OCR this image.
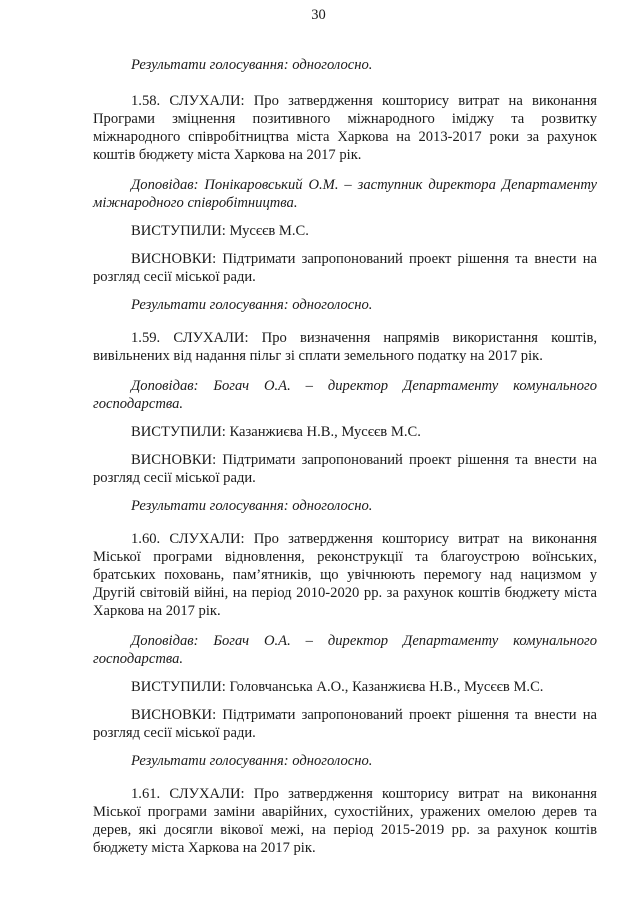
30

Результати голосування: одноголосно.

1.58. СЛУХАЛИ: Про затвердження кошторису витрат на виконання Програми зміцнення позитивного міжнародного іміджу та розвитку міжнародного співробітництва міста Харкова на 2013-2017 роки за рахунок коштів бюджету міста Харкова на 2017 рік.

Доповідав: Понікаровський О.М. – заступник директора Департаменту міжнародного співробітництва.

ВИСТУПИЛИ: Мусєєв М.С.

ВИСНОВКИ: Підтримати запропонований проект рішення та внести на розгляд сесії міської ради.

Результати голосування: одноголосно.

1.59. СЛУХАЛИ: Про визначення напрямів використання коштів, вивільнених від надання пільг зі сплати земельного податку на 2017 рік.

Доповідав: Богач О.А. – директор Департаменту комунального господарства.

ВИСТУПИЛИ: Казанжиєва Н.В., Мусєєв М.С.

ВИСНОВКИ: Підтримати запропонований проект рішення та внести на розгляд сесії міської ради.

Результати голосування: одноголосно.

1.60. СЛУХАЛИ: Про затвердження кошторису витрат на виконання Міської програми відновлення, реконструкції та благоустрою воїнських, братських поховань, пам’ятників, що увічнюють перемогу над нацизмом у Другій світовій війні, на період 2010-2020 рр. за рахунок коштів бюджету міста Харкова на 2017 рік.

Доповідав: Богач О.А. – директор Департаменту комунального господарства.

ВИСТУПИЛИ: Головчанська А.О., Казанжиєва Н.В., Мусєєв М.С.

ВИСНОВКИ: Підтримати запропонований проект рішення та внести на розгляд сесії міської ради.

Результати голосування: одноголосно.

1.61. СЛУХАЛИ: Про затвердження кошторису витрат на виконання Міської програми заміни аварійних, сухостійних, уражених омелою дерев та дерев, які досягли вікової межі, на період 2015-2019 рр. за рахунок коштів бюджету міста Харкова на 2017 рік.
